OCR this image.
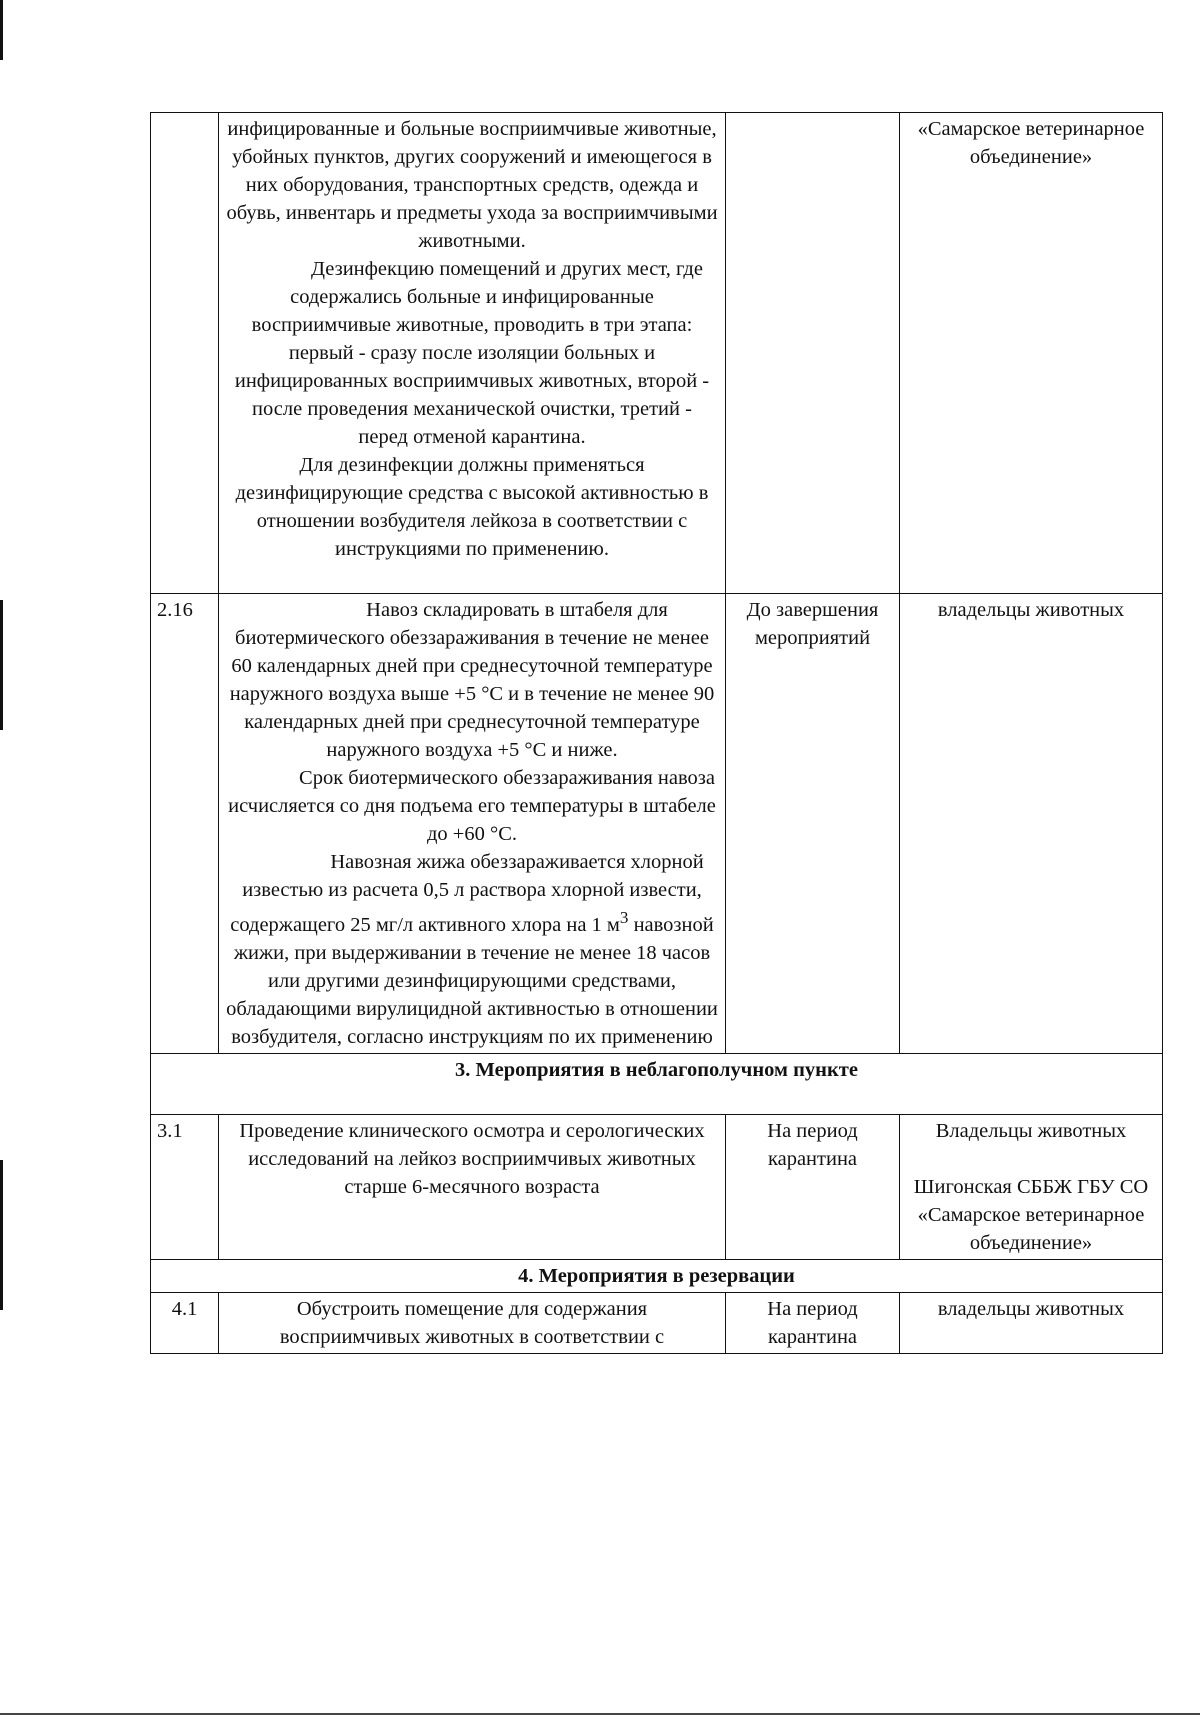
	инфицированные и больные восприимчивые животные, убойных пунктов, других сооружений и имеющегося в них оборудования, транспортных средств, одежда и обувь, инвентарь и предметы ухода за восприимчивыми животными.
Дезинфекцию помещений и других мест, где содержались больные и инфицированные восприимчивые животные, проводить в три этапа: первый - сразу после изоляции больных и инфицированных восприимчивых животных, второй - после проведения механической очистки, третий - перед отменой карантина.
Для дезинфекции должны применяться дезинфицирующие средства с высокой активностью в отношении возбудителя лейкоза в соответствии с инструкциями по применению.		«Самарское ветеринарное объединение»
2.16	Навоз складировать в штабеля для биотермического обеззараживания в течение не менее 60 календарных дней при среднесуточной температуре наружного воздуха выше +5 °С и в течение не менее 90 календарных дней при среднесуточной температуре наружного воздуха +5 °С и ниже.
Срок биотермического обеззараживания навоза исчисляется со дня подъема его температуры в штабеле до +60 °С.
Навозная жижа обеззараживается хлорной известью из расчета 0,5 л раствора хлорной извести, содержащего 25 мг/л активного хлора на 1 $м^3$ навозной жижи, при выдерживании в течение не менее 18 часов или другими дезинфицирующими средствами, обладающими вирулицидной активностью в отношении возбудителя, согласно инструкциям по их применению	До завершения мероприятий	владельцы животных
3. Мероприятия в неблагополучном пункте			

3.1	Проведение клинического осмотра и серологических исследований на лейкоз восприимчивых животных старше 6-месячного возраста	На период карантина	Владельцы животных
Шигонская СББЖ ГБУ СО «Самарское ветеринарное объединение»

4. Мероприятия в резервации			
4.1	Обустроить помещение для содержания восприимчивых животных в соответствии с	На период карантина	владельцы животных
